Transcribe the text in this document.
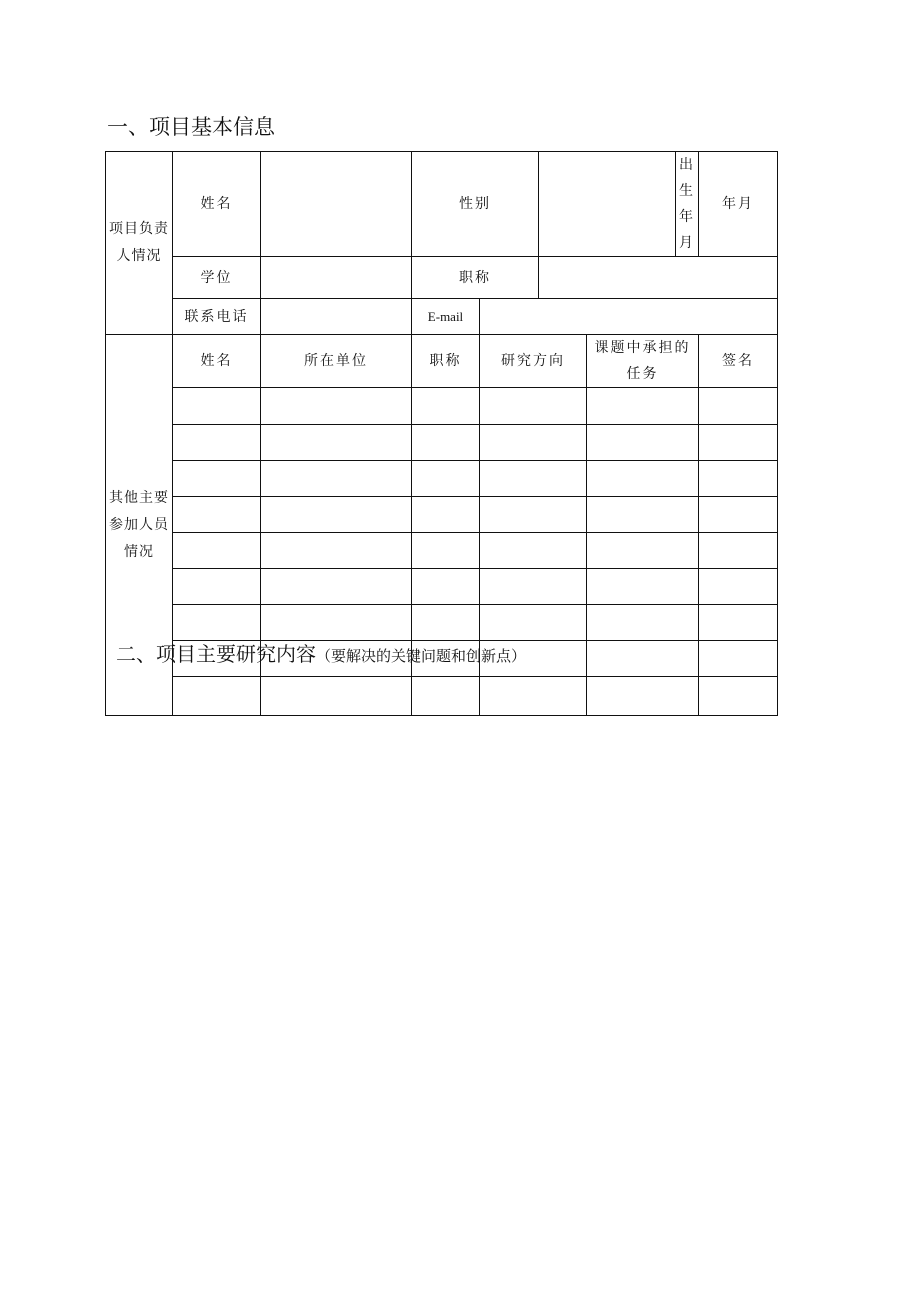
一、项目基本信息
项目负责人情况	姓名		性别				出生年月	年月
	学位		职称					
	联系电话		E-mail					
其他主要参加人员情况	姓名	所在单位	职称	研究方向		课题中承担的任务		签名

二、项目主要研究内容（要解决的关键问题和创新点）
